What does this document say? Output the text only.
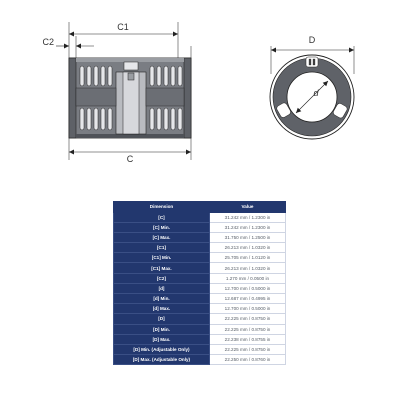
C1
C2
C
D
d
Dimension	Value
[C]	31.242 mm / 1.2300 in
[C] Min.	31.242 mm / 1.2300 in
[C] Max.	31.750 mm / 1.2500 in
[C1]	26.213 mm / 1.0320 in
[C1] Min.	25.705 mm / 1.0120 in
[C1] Max.	26.213 mm / 1.0320 in
[C2]	1.270 mm / 0.0500 in
[d]	12.700 mm / 0.5000 in
[d] Min.	12.687 mm / 0.4995 in
[d] Max.	12.700 mm / 0.5000 in
[D]	22.225 mm / 0.8750 in
[D] Min.	22.225 mm / 0.8750 in
[D] Max.	22.238 mm / 0.8755 in
[D] Min. (Adjustable Only)	22.225 mm / 0.8750 in
[D] Max. (Adjustable Only)	22.250 mm / 0.8760 in
